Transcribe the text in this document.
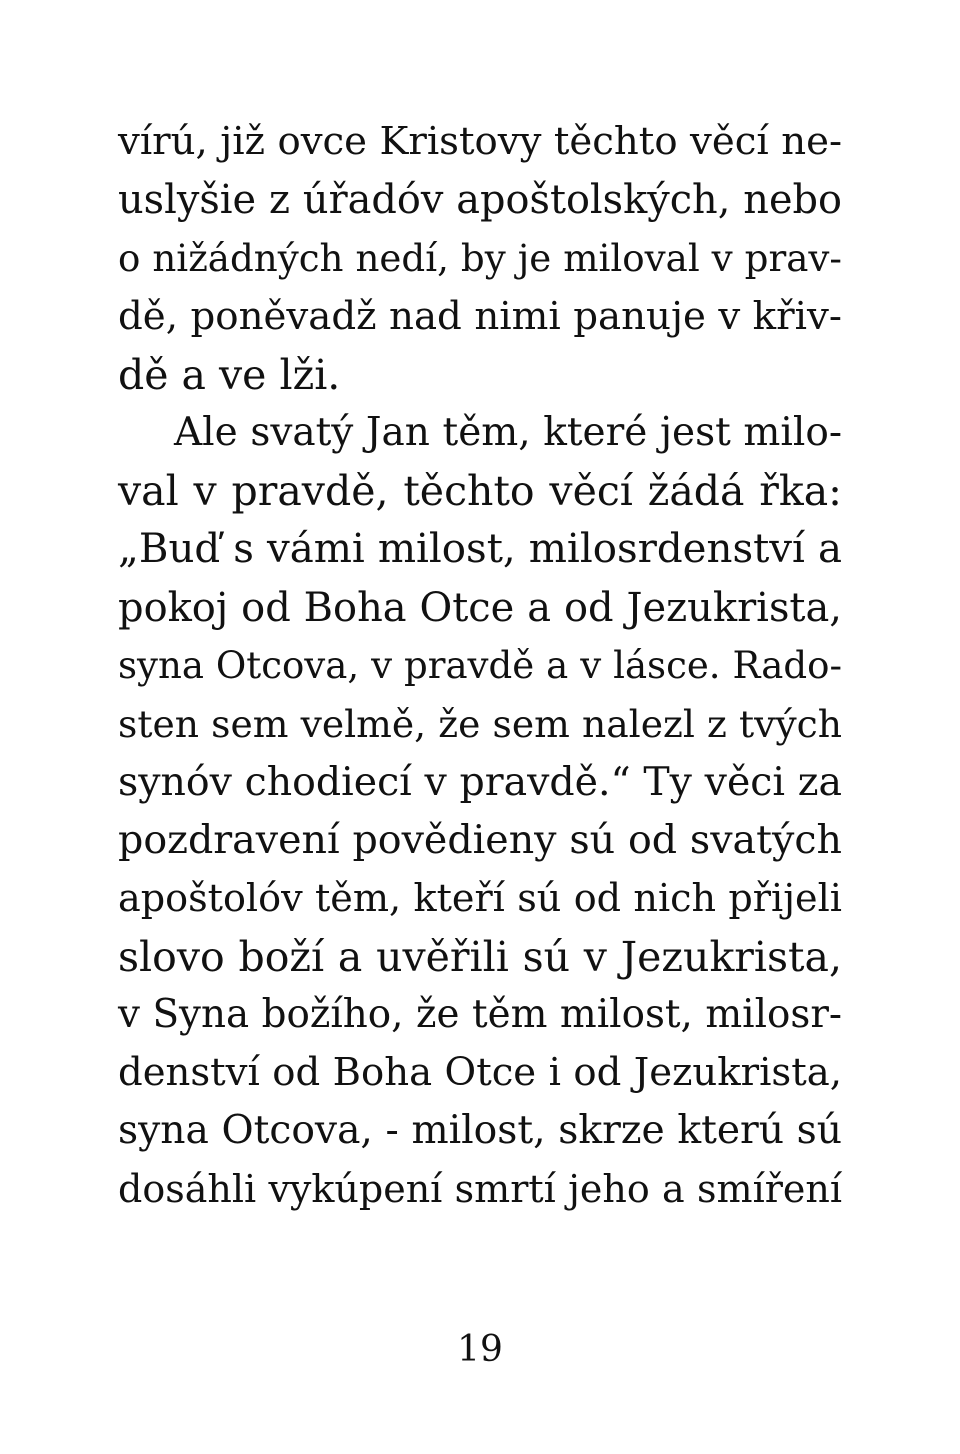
vírú, již ovce Kristovy těchto věcí ne-
uslyšie z úřadóv apoštolských, nebo
o nižádných nedí, by je miloval v prav-
dě, poněvadž nad nimi panuje v křiv-
dě a ve lži.
Ale svatý Jan těm, které jest milo-
val v pravdě, těchto věcí žádá řka:
„Buď s vámi milost, milosrdenství a
pokoj od Boha Otce a od Jezukrista,
syna Otcova, v pravdě a v lásce. Rado-
sten sem velmě, že sem nalezl z tvých
synóv chodiecí v pravdě.“ Ty věci za
pozdravení povědieny sú od svatých
apoštolóv těm, kteří sú od nich přijeli
slovo boží a uvěřili sú v Jezukrista,
v Syna božího, že těm milost, milosr-
denství od Boha Otce i od Jezukrista,
syna Otcova, - milost, skrze kterú sú
dosáhli vykúpení smrtí jeho a smíření
19
